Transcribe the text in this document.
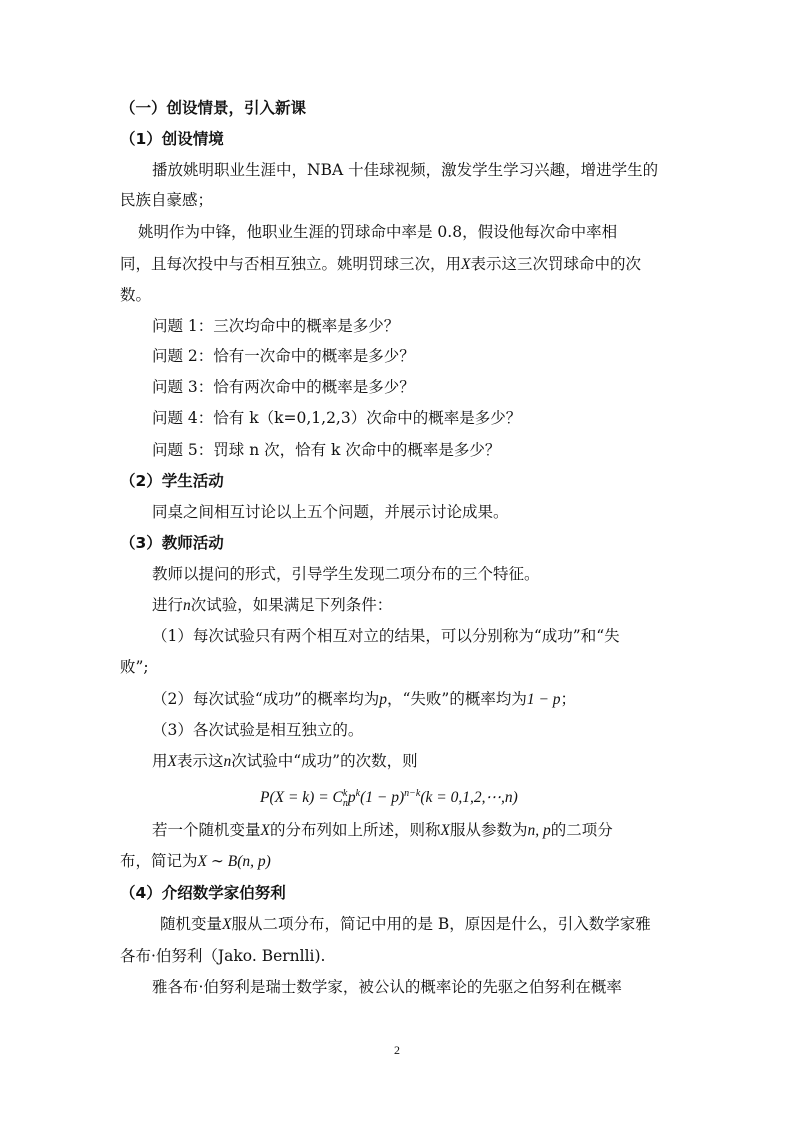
（一）创设情景，引入新课
（1）创设情境
播放姚明职业生涯中，NBA 十佳球视频，激发学生学习兴趣，增进学生的
民族自豪感；
姚明作为中锋，他职业生涯的罚球命中率是 0.8，假设他每次命中率相
同，且每次投中与否相互独立。姚明罚球三次，用X表示这三次罚球命中的次
数。
问题 1：三次均命中的概率是多少？
问题 2：恰有一次命中的概率是多少？
问题 3：恰有两次命中的概率是多少？
问题 4：恰有 k（k=0,1,2,3）次命中的概率是多少？
问题 5：罚球 n 次，恰有 k 次命中的概率是多少？
（2）学生活动
同桌之间相互讨论以上五个问题，并展示讨论成果。
（3）教师活动
教师以提问的形式，引导学生发现二项分布的三个特征。
进行n次试验，如果满足下列条件：
（1）每次试验只有两个相互对立的结果，可以分别称为“成功”和“失
败”;
（2）每次试验“成功”的概率均为p，“失败”的概率均为1 − p；
（3）各次试验是相互独立的。
用X表示这n次试验中“成功”的次数，则
P(X = k) = C k
n $p^k(1 - p)^{n-k}(k$ = 0,1,2,⋯,n)
若一个随机变量X的分布列如上所述，则称X服从参数为n, p的二项分
布，简记为X ∼ B(n, p)
（4）介绍数学家伯努利
随机变量X服从二项分布，简记中用的是 B，原因是什么，引入数学家雅
各布·伯努利（Jako. Bernlli).
雅各布·伯努利是瑞士数学家，被公认的概率论的先驱之伯努利在概率
2
